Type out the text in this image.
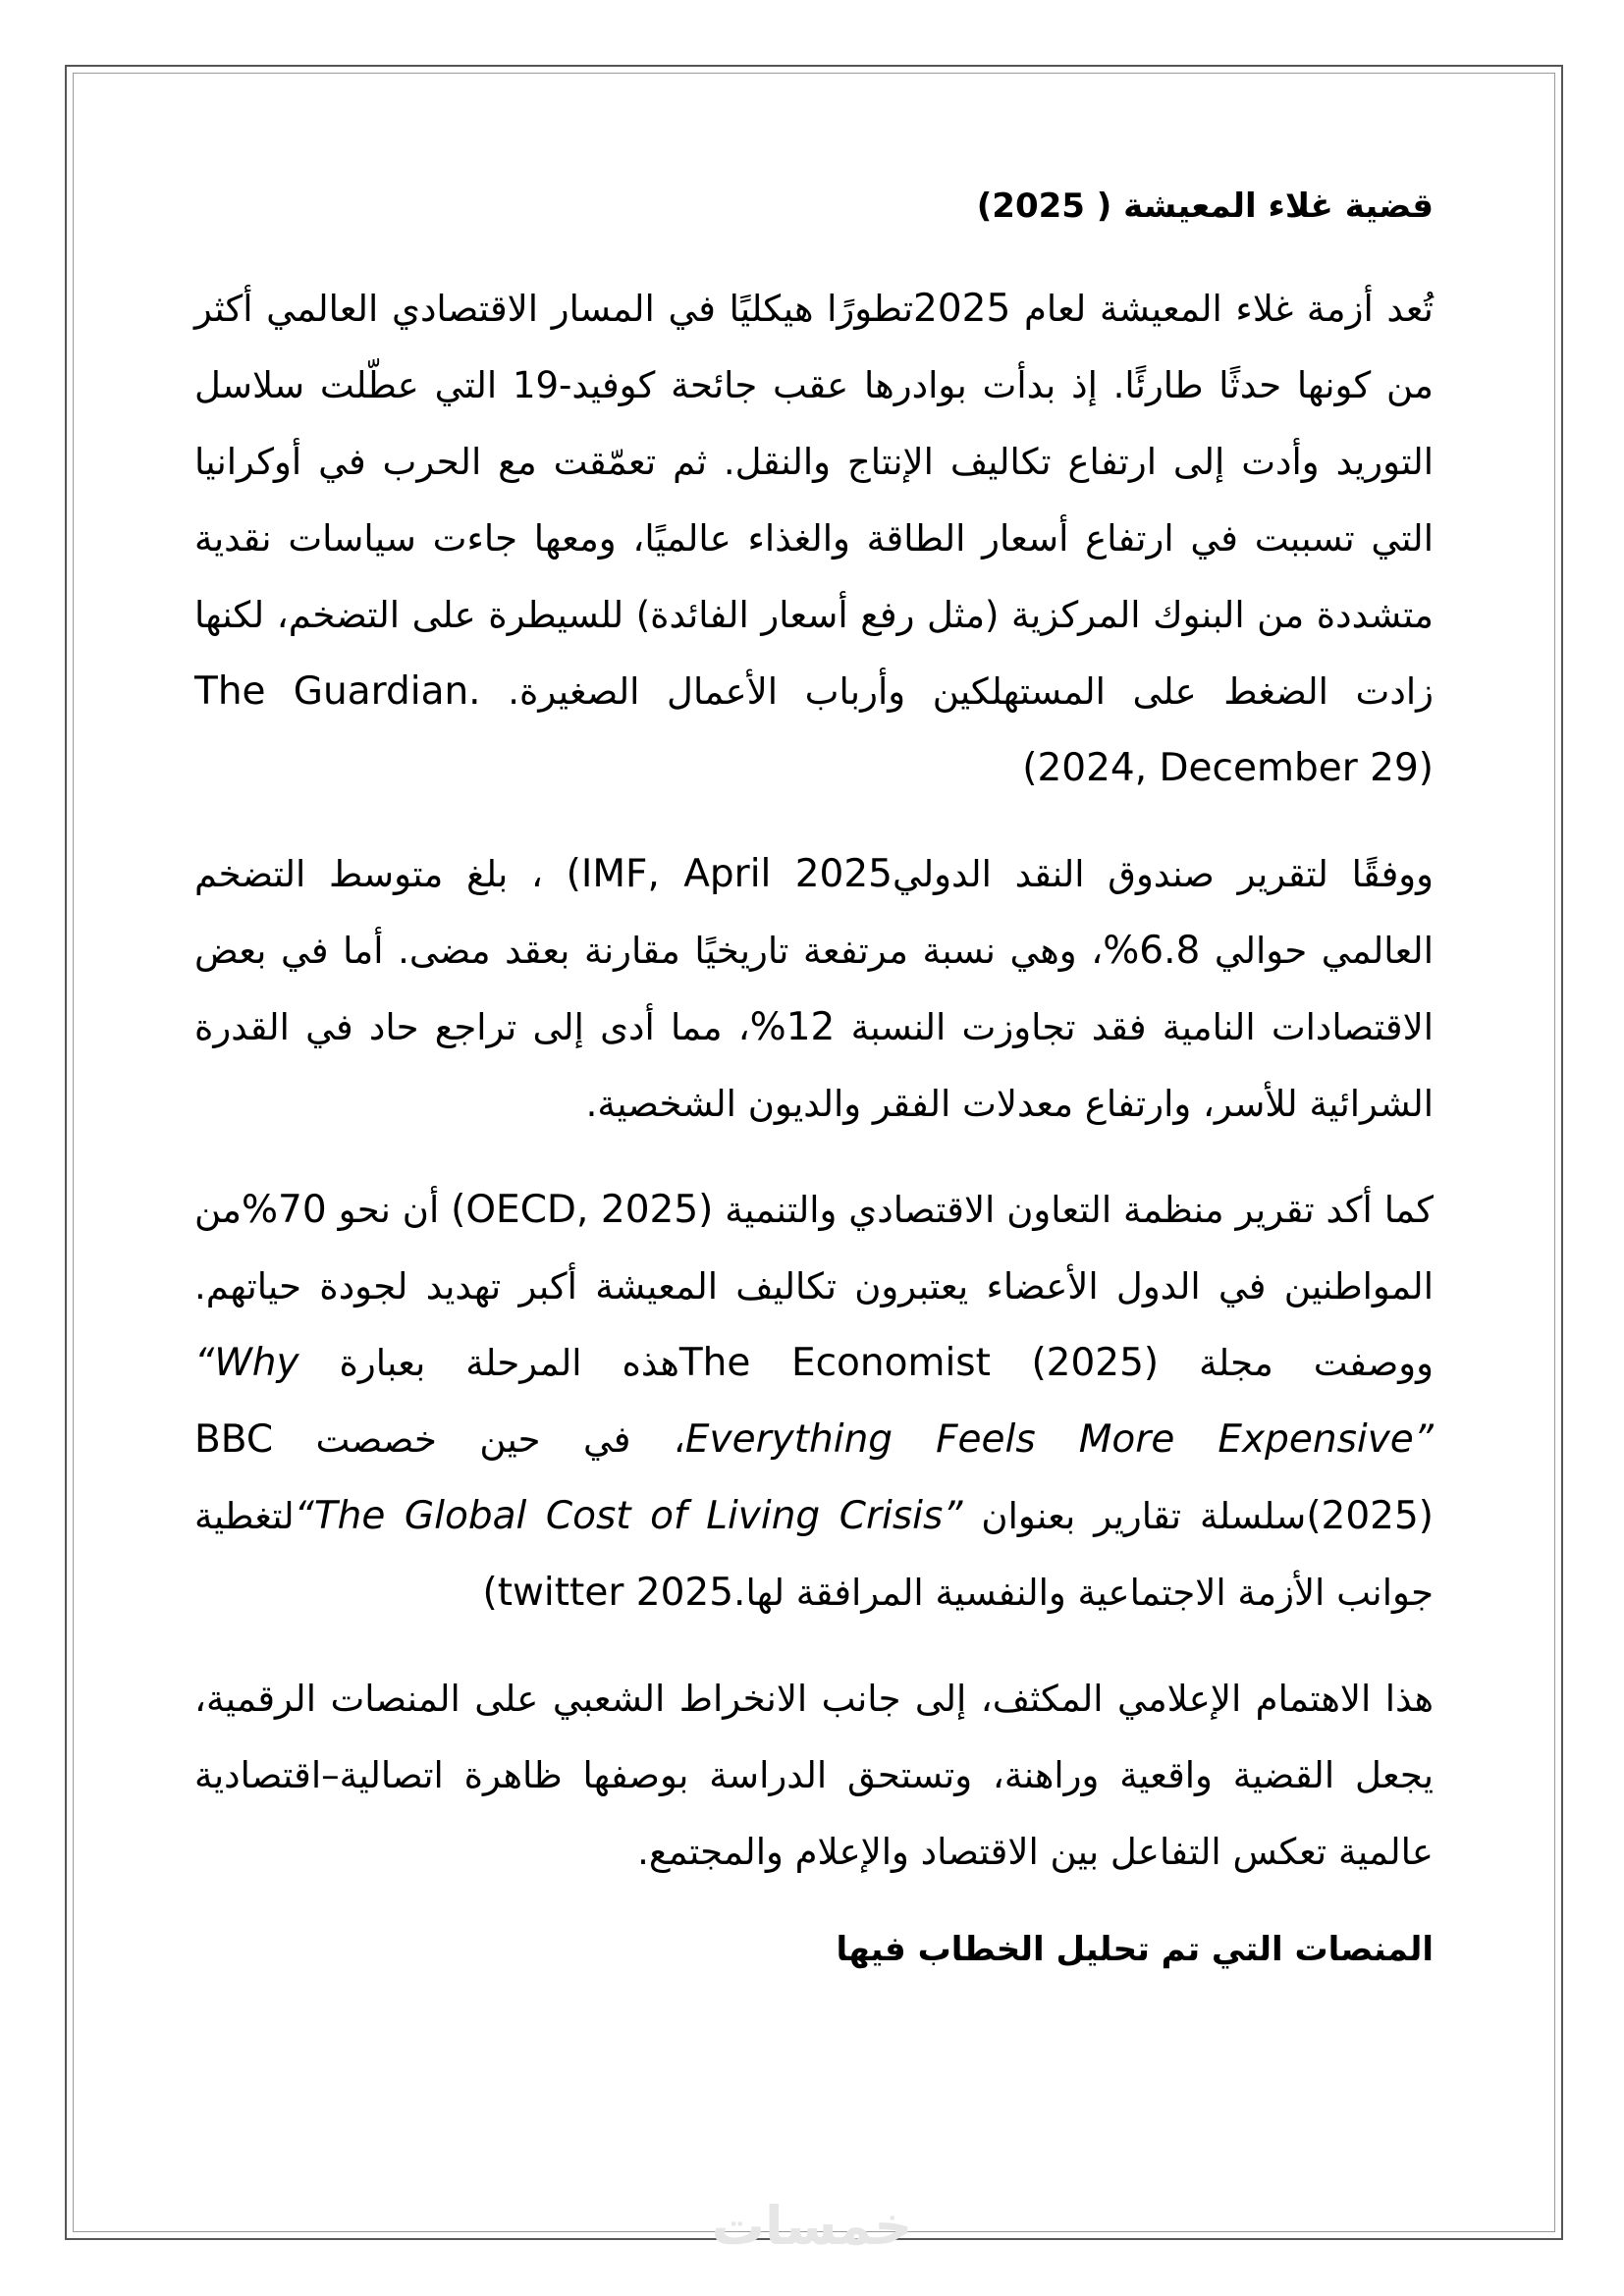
قضية غلاء المعيشة ( 2025)

تُعد أزمة غلاء المعيشة لعام 2025تطورًا هيكليًا في المسار الاقتصادي العالمي أكثر من كونها حدثًا طارئًا. إذ بدأت بوادرها عقب جائحة كوفيد-19 التي عطّلت سلاسل التوريد وأدت إلى ارتفاع تكاليف الإنتاج والنقل. ثم تعمّقت مع الحرب في أوكرانيا التي تسببت في ارتفاع أسعار الطاقة والغذاء عالميًا، ومعها جاءت سياسات نقدية متشددة من البنوك المركزية (مثل رفع أسعار الفائدة) للسيطرة على التضخم، لكنها زادت الضغط على المستهلكين وأرباب الأعمال الصغيرة. The Guardian. (2024, December 29)

ووفقًا لتقرير صندوق النقد الدولي(IMF, April 2025 ، بلغ متوسط التضخم العالمي حوالي 6.8%، وهي نسبة مرتفعة تاريخيًا مقارنة بعقد مضى. أما في بعض الاقتصادات النامية فقد تجاوزت النسبة 12%، مما أدى إلى تراجع حاد في القدرة الشرائية للأسر، وارتفاع معدلات الفقر والديون الشخصية.

كما أكد تقرير منظمة التعاون الاقتصادي والتنمية (OECD, 2025) أن نحو 70%من المواطنين في الدول الأعضاء يعتبرون تكاليف المعيشة أكبر تهديد لجودة حياتهم. ووصفت مجلة The Economist (2025)هذه المرحلة بعبارة “Why Everything Feels More Expensive”، في حين خصصت BBC (2025)سلسلة تقارير بعنوان “The Global Cost of Living Crisis”لتغطية جوانب الأزمة الاجتماعية والنفسية المرافقة لها(twitter 2025.

هذا الاهتمام الإعلامي المكثف، إلى جانب الانخراط الشعبي على المنصات الرقمية، يجعل القضية واقعية وراهنة، وتستحق الدراسة بوصفها ظاهرة اتصالية–اقتصادية عالمية تعكس التفاعل بين الاقتصاد والإعلام والمجتمع.

المنصات التي تم تحليل الخطاب فيها
خمسات
